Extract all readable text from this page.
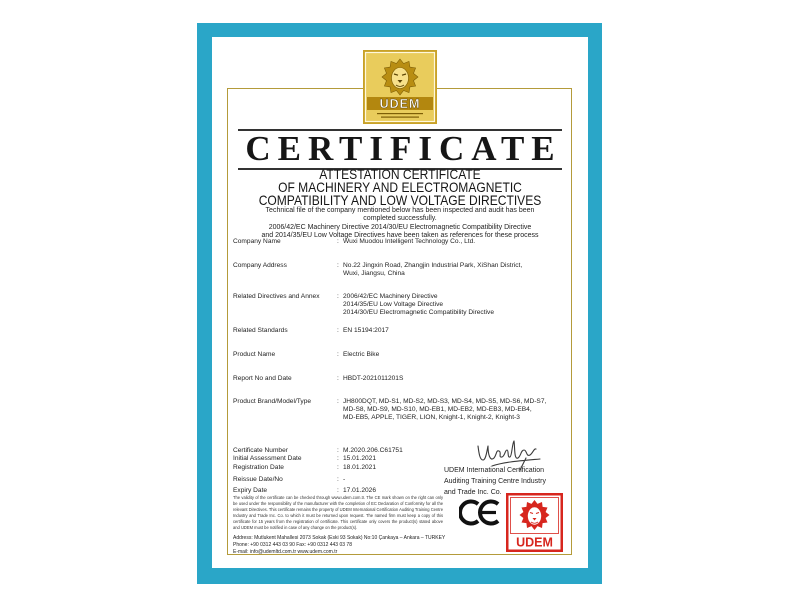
UDEM
CERTIFICATE
ATTESTATION CERTIFICATE
OF MACHINERY AND ELECTROMAGNETIC
COMPATIBILITY AND LOW VOLTAGE DIRECTIVES
Technical file of the company mentioned below has been inspected and audit has been
completed successfully.
2006/42/EC Machinery Directive 2014/30/EU Electromagnetic Compatibility Directive
and 2014/35/EU Low Voltage Directives have been taken as references for these process
Company Name	: Wuxi Muodou Intelligent Technology Co., Ltd.
Company Address	: No.22 Jingxin Road, Zhangjin Industrial Park, XiShan District,
Wuxi, Jiangsu, China
Related Directives and Annex	: 2006/42/EC Machinery Directive
2014/35/EU Low Voltage Directive
2014/30/EU Electromagnetic Compatibility Directive
Related Standards	: EN 15194:2017
Product Name	: Electric Bike
Report No and Date	: HBDT-2021011201S
Product Brand/Model/Type	: JH800DQT, MD-S1, MD-S2, MD-S3, MD-S4, MD-S5, MD-S6, MD-S7,
MD-S8, MD-S9, MD-S10, MD-EB1, MD-EB2, MD-EB3, MD-EB4,
MD-EB5, APPLE, TIGER, LION, Knight-1, Knight-2, Knight-3
Certificate Number	: M.2020.206.C61751
Initial Assessment Date	: 15.01.2021
Registration Date	: 18.01.2021
Reissue Date/No	: -
Expiry Date	: 17.01.2026
UDEM International Certification
Auditing Training Centre Industry
and Trade Inc. Co.
UDEM
The validity of the certificate can be checked through www.udem.com.tr. The CE mark shown on the right can only be used under the responsibility of the manufacturer with the completion of EC Declaration of Conformity for all the relevant Directives. This certificate remains the property of UDEM International Certification Auditing Training Centre Industry and Trade Inc. Co. to which it must be returned upon request. The named firm must keep a copy of this certificate for 15 years from the registration of certificate. This certificate only covers the product(s) stated above and UDEM must be notified in case of any change on the product(s).
Address: Mutlukent Mahallesi 2073 Sokak (Eski 93 Sokak) No:10 Çankaya – Ankara – TURKEY
Phone: +90 0312 443 03 90 Fax: +90 0312 443 03 78
E-mail: info@udemltd.com.tr www.udem.com.tr
